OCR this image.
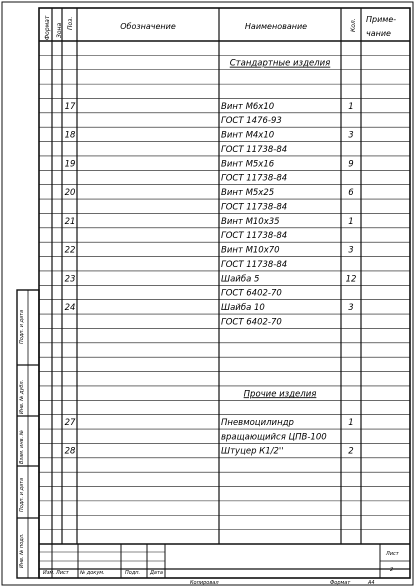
Формат Зона Поз.	Обозначение	Наименование	Кол. Приме-
чание
Стандартные изделия
17	Винт М6х10	1
ГОСТ 1476-93
18	Винт М4х10	3
ГОСТ 11738-84
19	Винт М5х16	9
ГОСТ 11738-84
20	Винт М5х25	6
ГОСТ 11738-84
21	Винт М10х35	1
ГОСТ 11738-84
22	Винт М10х70	3
ГОСТ 11738-84
23	Шайба 5	12
ГОСТ 6402-70
24	Шайба 10	3
ГОСТ 6402-70
Прочие изделия
27	Пневмоцилиндр	1
вращающийся ЦПВ-100
28	Штуцер К1/2''	2
Подп. и дата
Инв. № дубл.
Взам. инв. №
Подп. и дата
Инв. № подл.
Изм. Лист № докум.	Подп. Дата
Лист
2
Копировал	Формат	А4
